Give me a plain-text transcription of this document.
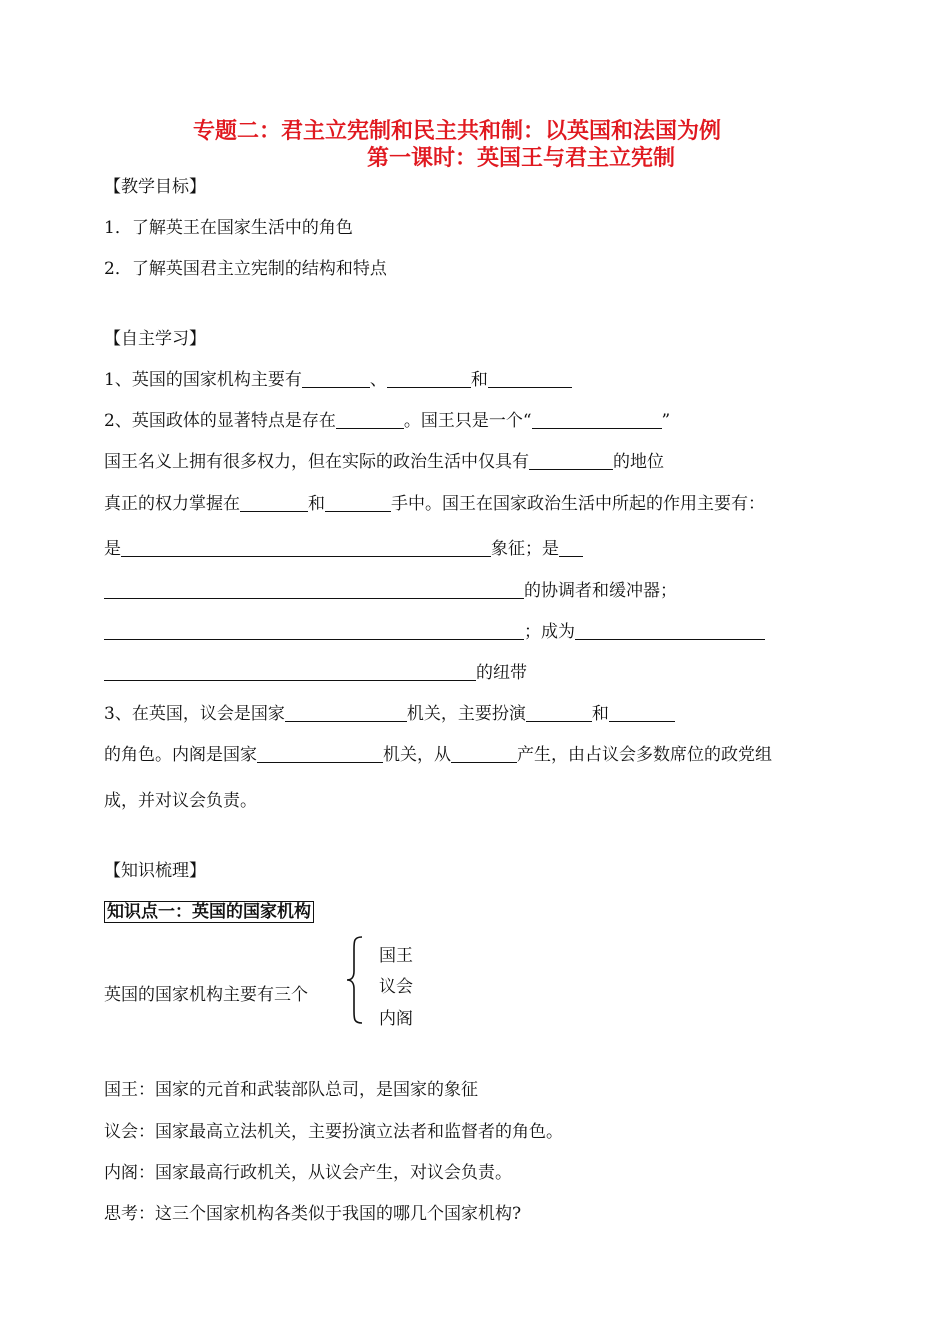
专题二：君主立宪制和民主共和制：以英国和法国为例
第一课时：英国王与君主立宪制
【教学目标】
1．了解英王在国家生活中的角色
2．了解英国君主立宪制的结构和特点
【自主学习】
1、英国的国家机构主要有	、	和
2、英国政体的显著特点是存在	。国王只是一个“	”
国王名义上拥有很多权力，但在实际的政治生活中仅具有	的地位
真正的权力掌握在	和	手中。国王在国家政治生活中所起的作用主要有：
是	象征；是
的协调者和缓冲器；
；成为
的纽带
3、在英国，议会是国家	机关，主要扮演	和
的角色。内阁是国家	机关，从	产生，由占议会多数席位的政党组
成，并对议会负责。
【知识梳理】
知识点一：英国的国家机构
英国的国家机构主要有三个
国王
议会
内阁
国王：国家的元首和武装部队总司，是国家的象征
议会：国家最高立法机关，主要扮演立法者和监督者的角色。
内阁：国家最高行政机关，从议会产生，对议会负责。
思考：这三个国家机构各类似于我国的哪几个国家机构?
